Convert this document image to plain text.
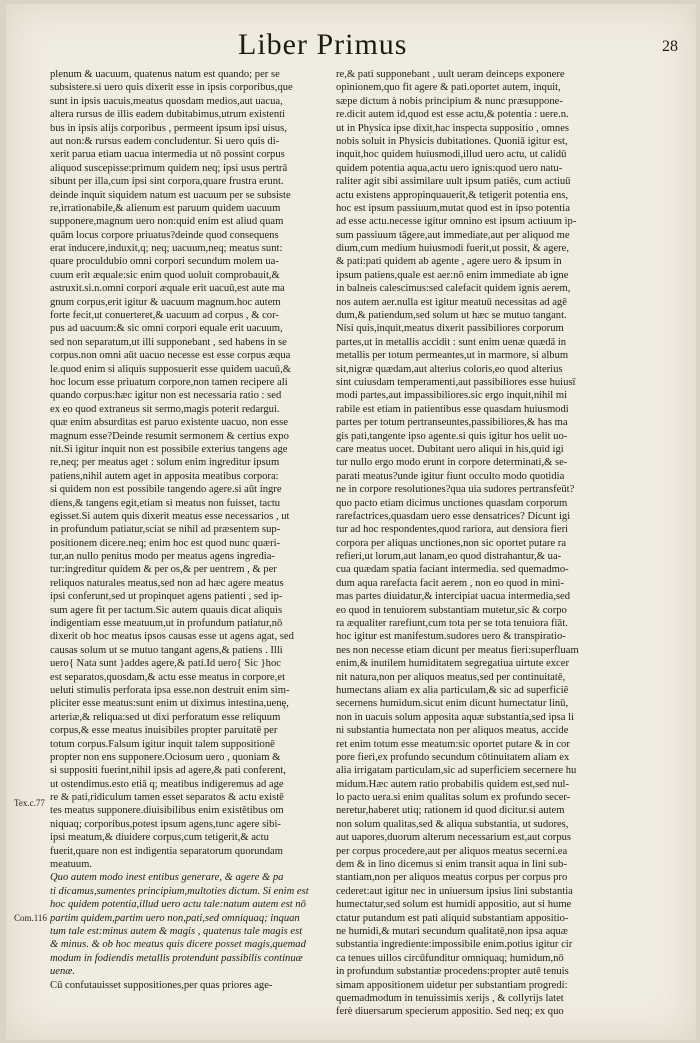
Liber Primus	28

plenum & uacuum, quatenus natum est quando; per se
subsistere.si uero quis dixerit esse in ipsis corporibus,que
sunt in ipsis uacuis,meatus quosdam medios,aut uacua,
altera rursus de illis eadem dubitabimus,utrum existenti
bus in ipsis alijs corporibus , permeent ipsum ipsi uisus,
aut non:& rursus eadem concludentur. Si uero quis di-
xerit parua etiam uacua intermedia ut nō possint corpus
aliquod suscepisse:primum quidem neq; ipsi usus pertrā
sibunt per illa,cum ipsi sint corpora,quare frustra erunt.
deinde inquit siquidem natum est uacuum per se subsiste
re,irrationabile,& alienum est paruum quidem uacuum
supponere,magnum uero non:quid enim est aliud quam
quām locus corpore priuatus?deinde quod consequens
erat inducere,induxit,q; neq; uacuum,neq; meatus sunt:
quare proculdubio omni corpori secundum molem ua-
cuum erit æquale:sic enim quod uoluit comprobauit,&
astruxit.si.n.omni corpori æquale erit uacuū,est aute ma
gnum corpus,erit igitur & uacuum magnum.hoc autem
forte fecit,ut conuerteret,& uacuum ad corpus , & cor-
pus ad uacuum:& sic omni corpori equale erit uacuum,
sed non separatum,ut illi supponebant , sed habens in se
corpus.non omni aūt uacuo necesse est esse corpus æqua
le.quod enim si aliquis supposuerit esse quidem uacuū,&
hoc locum esse priuatum corpore,non tamen recipere ali
quando corpus:hæc igitur non est necessaria ratio : sed
ex eo quod extraneus sit sermo,magis poterit redargui.
quæ enim absurditas est paruo existente uacuo, non esse
magnum esse?Deinde resumit sermonem & certius expo
nit.Si igitur inquit non est possibile exterius tangens age
re,neq; per meatus aget : solum enim ingreditur ipsum
patiens,nihil autem aget in apposita meatibus corpora:
si quidem non est possibile tangendo agere.si aūt ingre
diens,& tangens egit,etiam si meatus non fuisset, tactu
egisset.Si autem quis dixerit meatus esse necessarios , ut
in profundum patiatur,sciat se nihil ad præsentem sup-
positionem dicere.neq; enim hoc est quod nunc quæri-
tur,an nullo penitus modo per meatus agens ingredia-
tur:ingreditur quidem & per os,& per uentrem , & per
reliquos naturales meatus,sed non ad hæc agere meatus
ipsi conferunt,sed ut propinquet agens patienti , sed ip-
sum agere fit per tactum.Sic autem quauis dicat aliquis
indigentiam esse meatuum,ut in profundum patiatur,nō
dixerit ob hoc meatus ipsos causas esse ut agens agat, sed
causas solum ut se mutuo tangant agens,& patiens . Illi
uero{ Nata sunt }addes agere,& pati.Id uero{ Sic }hoc
est separatos,quosdam,& actu esse meatus in corpore,et
ueluti stimulis perforata ipsa esse.non destruit enim sim-
pliciter esse meatus:sunt enim ut diximus intestina,uenę,
arteriæ,& reliqua:sed ut dixi perforatum esse reliquum
corpus,& esse meatus inuisibiles propter paruitatē per
totum corpus.Falsum igitur inquit talem suppositionē
propter non ens supponere.Ociosum uero , quoniam &
si suppositi fuerint,nihil ipsis ad agere,& pati conferent,
ut ostendimus.esto etiā q; meatibus indigeremus ad age
re & pati,ridiculum tamen esset separatos & actu existē
tes meatus supponere.diuisibilibus enim existētibus om
niquaq; corporibus,potest ipsum agens,tunc agere sibi-
ipsi meatum,& diuidere corpus,cum tetigerit,& actu
fuerit,quare non est indigentia separatorum quorundam
meatuum.
Quo autem modo inest entibus generare, & agere & pa
ti dicamus,sumentes principium,multoties dictum. Si enim est
hoc quidem potentia,illud uero actu tale:natum autem est nō
partim quidem,partim uero non,pati,sed omniquaq; inquan
tum tale est:minus autem & magis , quatenus tale magis est
& minus. & ob hoc meatus quis dicere posset magis,quemad
modum in fodiendis metallis protendunt passibilis continuæ
uenæ.
Cū confutauisset suppositiones,per quas priores age-
re,& pati supponebant , uult ueram deinceps exponere
opinionem,quo fit agere & pati.oportet autem, inquit,
sæpe dictum à nobis principium & nunc præsuppone-
re.dicit autem id,quod est esse actu,& potentia : uere.n.
ut in Physica ipse dixit,hac inspecta suppositio , omnes
nobis soluit in Physicis dubitationes. Quoniā igitur est,
inquit,hoc quidem huiusmodi,illud uero actu, ut calidū
quidem potentia aqua,actu uero ignis:quod uero natu-
raliter agit sibi assimilare uult ipsum patiēs, cum actiuū
actu existens appropinquauerit,& tetigerit potentia ens,
hoc est ipsum passiuum,mutat quod est in ipso potentia
ad esse actu.necesse igitur omnino est ipsum actiuum ip-
sum passiuum tāgere,aut immediate,aut per aliquod me
dium,cum medium huiusmodi fuerit,ut possit, & agere,
& pati:pati quidem ab agente , agere uero & ipsum in
ipsum patiens,quale est aer:nō enim immediate ab igne
in balneis calescimus:sed calefacit quidem ignis aerem,
nos autem aer.nulla est igitur meatuū necessitas ad agē
dum,& patiendum,sed solum ut hæc se mutuo tangant.
Nisi quis,inquit,meatus dixerit passibiliores corporum
partes,ut in metallis accidit : sunt enim uenæ quædā in
metallis per totum permeantes,ut in marmore, si album
sit,nigræ quædam,aut alterius coloris,eo quod alterius
sint cuiusdam temperamenti,aut passibiliores esse huiusī
modi partes,aut impassibiliores.sic ergo inquit,nihil mi
rabile est etiam in patientibus esse quasdam huiusmodi
partes per totum pertranseuntes,passibiliores,& has ma
gis pati,tangente ipso agente.si quis igitur hos uelit uo-
care meatus uocet. Dubitant uero aliqui in his,quid igi
tur nullo ergo modo erunt in corpore determinati,& se-
parati meatus?unde igitur fiunt occulto modo quotidia
ne in corpore resolutiones?qua uia sudores pertransfeūt?
quo pacto etiam dicimus unctiones quasdam corporum
rarefactrices,quasdam uero esse densatrices? Dicunt igi
tur ad hoc respondentes,quod rariora, aut densiora fieri
corpora per aliquas unctiones,non sic oportet putare ra
refieri,ut lorum,aut lanam,eo quod distrahantur,& ua-
cua quædam spatia faciant intermedia. sed quemadmo-
dum aqua rarefacta facit aerem , non eo quod in mini-
mas partes diuidatur,& intercipiat uacua intermedia,sed
eo quod in tenuiorem substantiam mutetur,sic & corpo
ra æqualiter rarefiunt,cum tota per se tota tenuiora fiāt.
hoc igitur est manifestum.sudores uero & transpiratio-
nes non necesse etiam dicunt per meatus fieri:superfluam
enim,& inutilem humiditatem segregatiua uirtute excer
nit natura,non per aliquos meatus,sed per continuitatē,
humectans aliam ex alia particulam,& sic ad superficiē
secernens humidum.sicut enim dicunt humectatur linū,
non in uacuis solum apposita aquæ substantia,sed ipsa li
ni substantia humectata non per aliquos meatus, accide
ret enim totum esse meatum:sic oportet putare & in cor
pore fieri,ex profundo secundum cōtinuitatem aliam ex
alia irrigatam particulam,sic ad superficiem secernere hu
midum.Hæc autem ratio probabilis quidem est,sed nul-
lo pacto uera.si enim qualitas solum ex profundo secer-
neretur,haberet utiq; rationem id quod dicitur.si autem
non solum qualitas,sed & aliqua substantia, ut sudores,
aut uapores,duorum alterum necessarium est,aut corpus
per corpus procedere,aut per aliquos meatus secerni.ea
dem & in lino dicemus si enim transit aqua in lini sub-
stantiam,non per aliquos meatus corpus per corpus pro
cederet:aut igitur nec in uniuersum ipsius lini substantia
humectatur,sed solum est humidi appositio, aut si hume
ctatur putandum est pati aliquid substantiam appositio-
ne humidi,& mutari secundum qualitatē,non ipsa aquæ
substantia ingrediente:impossibile enim.potius igitur cir
ca tenues uillos circūfunditur omniquaq; humidum,nō
in profundum substantiæ procedens:propter autē tenuis
simam appositionem uidetur per substantiam progredi:
quemadmodum in tenuissimis xerijs , & collyrijs latet
ferè diuersarum specierum appositio. Sed neq; ex quo
Tex.c.77
Com.116
